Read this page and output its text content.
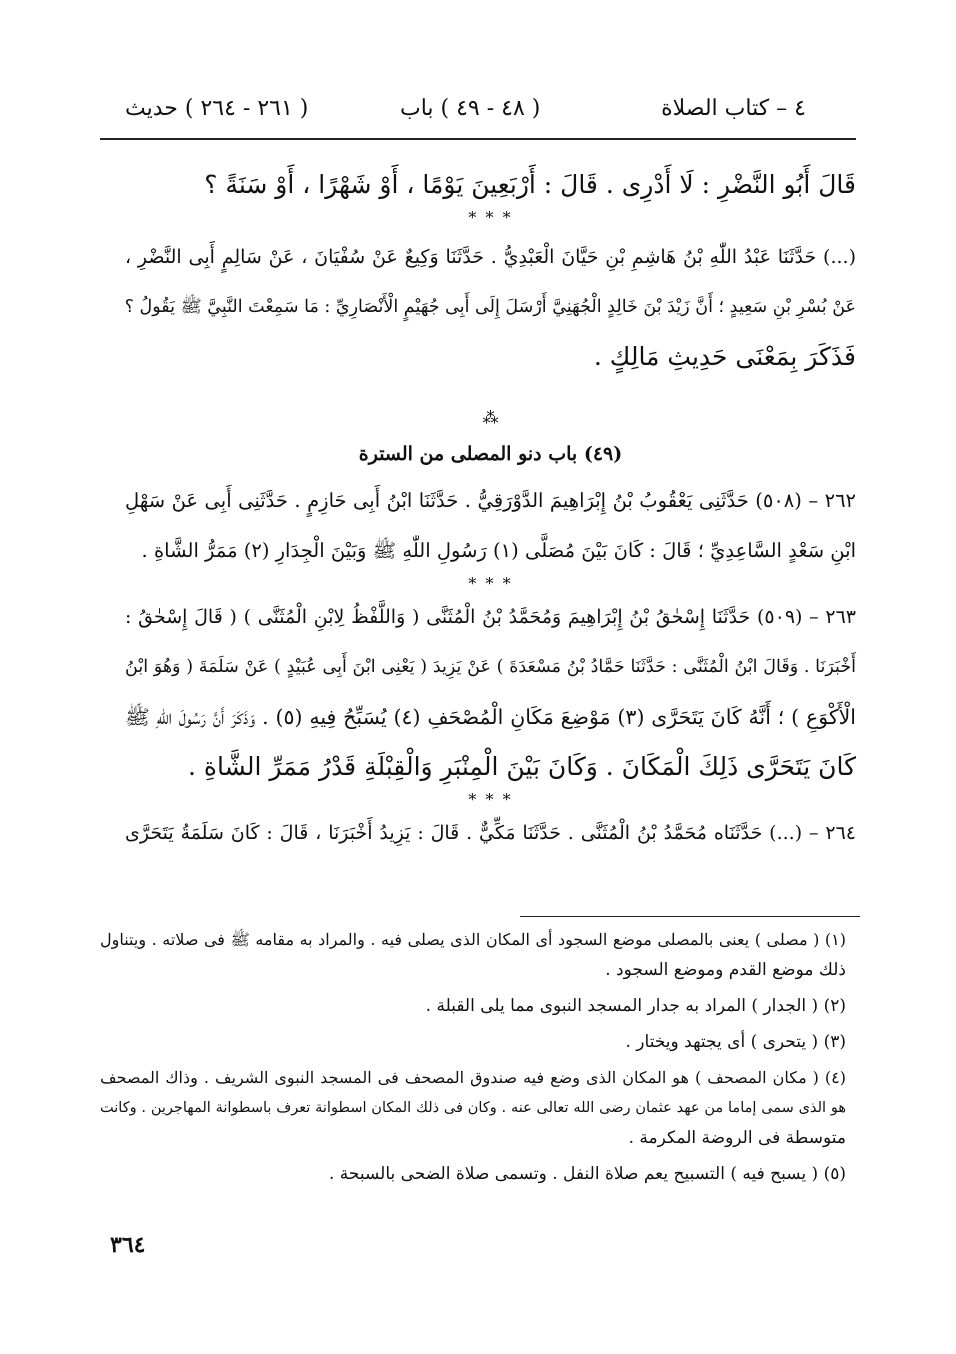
٤ – كتاب الصلاة
( ٤٨ - ٤٩ ) باب
( ٢٦١ - ٢٦٤ ) حديث
قَالَ أَبُو النَّضْرِ : لَا أَدْرِى . قَالَ : أَرْبَعِينَ يَوْمًا ، أَوْ شَهْرًا ، أَوْ سَنَةً ؟
* * *
(...) حَدَّثَنَا عَبْدُ اللّٰهِ بْنُ هَاشِمِ بْنِ حَيَّانَ الْعَبْدِيُّ . حَدَّثَنَا وَكِيعٌ عَنْ سُفْيَانَ ، عَنْ سَالِمٍ أَبِى النَّضْرِ ،
عَنْ بُسْرِ بْنِ سَعِيدٍ ؛ أَنَّ زَيْدَ بْنَ خَالِدٍ الْجُهَنِيَّ أَرْسَلَ إِلَى أَبِى جُهَيْمٍ الْأَنْصَارِيِّ : مَا سَمِعْتَ النَّبِيَّ ﷺ يَقُولُ ؟
فَذَكَرَ بِمَعْنَى حَدِيثِ مَالِكٍ .
⁂
(٤٩) باب دنو المصلى من السترة
٢٦٢ – (٥٠٨) حَدَّثَنِى يَعْقُوبُ بْنُ إِبْرَاهِيمَ الدَّوْرَقِيُّ . حَدَّثَنَا ابْنُ أَبِى حَازِمٍ . حَدَّثَنِى أَبِى عَنْ سَهْلِ
ابْنِ سَعْدٍ السَّاعِدِيِّ ؛ قَالَ : كَانَ بَيْنَ مُصَلَّى (١) رَسُولِ اللّٰهِ ﷺ وَبَيْنَ الْجِدَارِ (٢) مَمَرُّ الشَّاةِ .
* * *
٢٦٣ – (٥٠٩) حَدَّثَنَا إِسْحٰقُ بْنُ إِبْرَاهِيمَ وَمُحَمَّدُ بْنُ الْمُثَنَّى ( وَاللَّفْظُ لِابْنِ الْمُثَنَّى ) ( قَالَ إِسْحٰقُ :
أَخْبَرَنَا . وَقَالَ ابْنُ الْمُثَنَّى : حَدَّثَنَا حَمَّادُ بْنُ مَسْعَدَةَ ) عَنْ يَزِيدَ ( يَعْنِى ابْنَ أَبِى عُبَيْدٍ ) عَنْ سَلَمَةَ ( وَهُوَ ابْنُ
الْأَكْوَعِ ) ؛ أَنَّهُ كَانَ يَتَحَرَّى (٣) مَوْضِعَ مَكَانِ الْمُصْحَفِ (٤) يُسَبِّحُ فِيهِ (٥) . وَذَكَرَ أَنَّ رَسُولَ اللّٰهِ ﷺ
كَانَ يَتَحَرَّى ذَلِكَ الْمَكَانَ . وَكَانَ بَيْنَ الْمِنْبَرِ وَالْقِبْلَةِ قَدْرُ مَمَرِّ الشَّاةِ .
* * *
٢٦٤ – (...) حَدَّثَنَاه مُحَمَّدُ بْنُ الْمُثَنَّى . حَدَّثَنَا مَكِّيٌّ . قَالَ : يَزِيدُ أَخْبَرَنَا ، قَالَ : كَانَ سَلَمَةُ يَتَحَرَّى
(١) ( مصلى ) يعنى بالمصلى موضع السجود أى المكان الذى يصلى فيه . والمراد به مقامه ﷺ فى صلاته . ويتناول
ذلك موضع القدم وموضع السجود .
(٢) ( الجدار ) المراد به جدار المسجد النبوى مما يلى القبلة .
(٣) ( يتحرى ) أى يجتهد ويختار .
(٤) ( مكان المصحف ) هو المكان الذى وضع فيه صندوق المصحف فى المسجد النبوى الشريف . وذاك المصحف
هو الذى سمى إماما من عهد عثمان رضى الله تعالى عنه . وكان فى ذلك المكان اسطوانة تعرف باسطوانة المهاجرين . وكانت
متوسطة فى الروضة المكرمة .
(٥) ( يسبح فيه ) التسبيح يعم صلاة النفل . وتسمى صلاة الضحى بالسبحة .
٣٦٤
